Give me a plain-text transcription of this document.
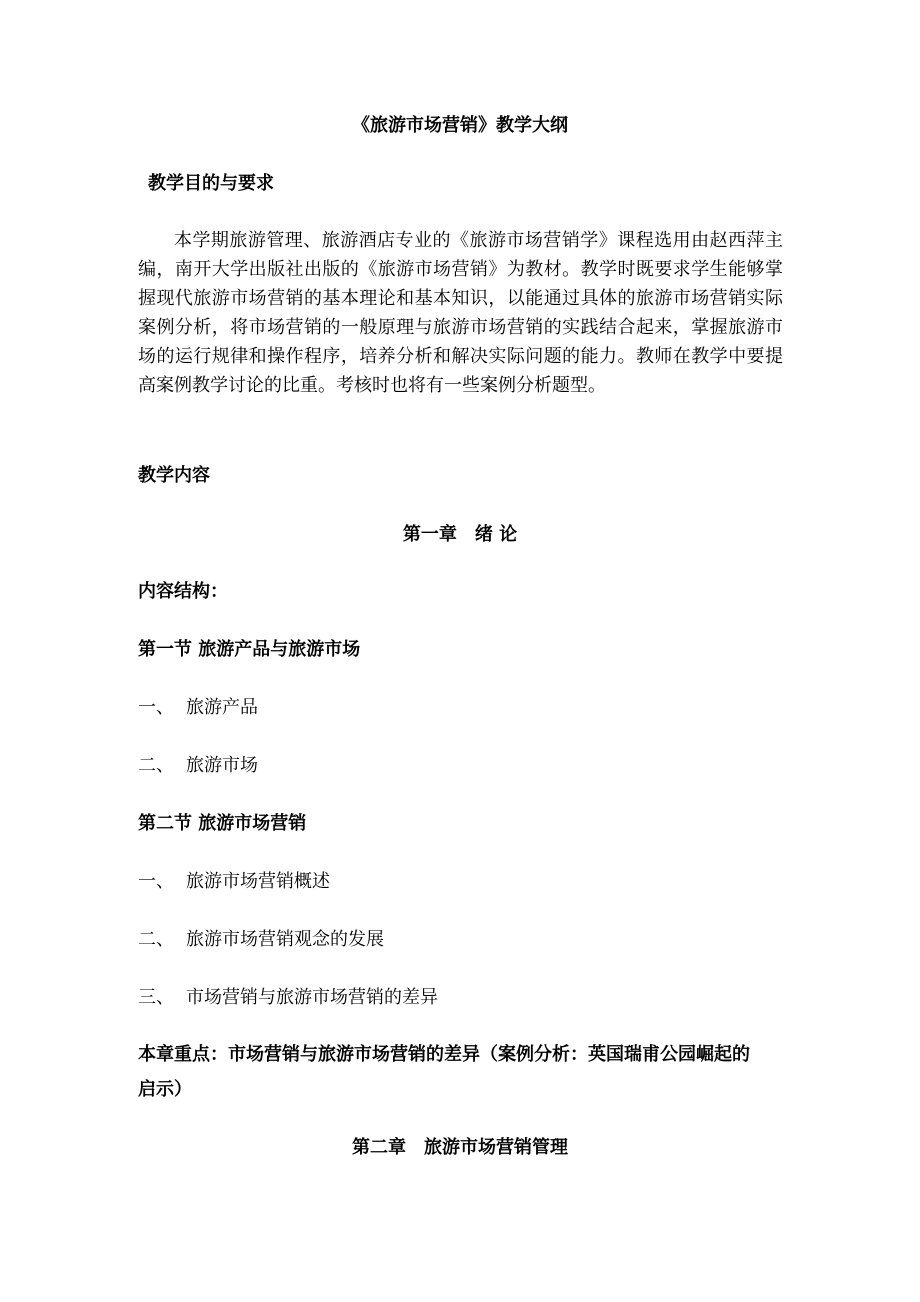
《旅游市场营销》教学大纲
教学目的与要求
本学期旅游管理、旅游酒店专业的《旅游市场营销学》课程选用由赵西萍主编，南开大学出版社出版的《旅游市场营销》为教材。教学时既要求学生能够掌握现代旅游市场营销的基本理论和基本知识，以能通过具体的旅游市场营销实际案例分析，将市场营销的一般原理与旅游市场营销的实践结合起来，掌握旅游市场的运行规律和操作程序，培养分析和解决实际问题的能力。教师在教学中要提高案例教学讨论的比重。考核时也将有一些案例分析题型。
教学内容
第一章　绪 论
内容结构：
第一节 旅游产品与旅游市场
一、 旅游产品
二、 旅游市场
第二节 旅游市场营销
一、 旅游市场营销概述
二、 旅游市场营销观念的发展
三、 市场营销与旅游市场营销的差异
本章重点：市场营销与旅游市场营销的差异（案例分析：英国瑞甫公园崛起的
启示）
第二章　旅游市场营销管理
